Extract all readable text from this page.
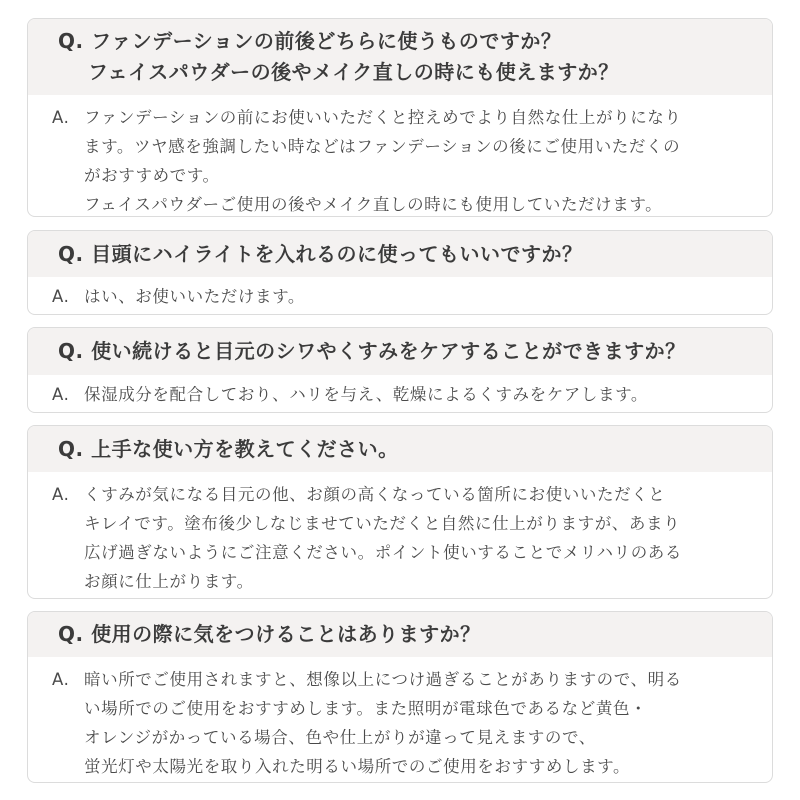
Q. ファンデーションの前後どちらに使うものですか？
フェイスパウダーの後やメイク直しの時にも使えますか？
A. ファンデーションの前にお使いいただくと控えめでより自然な仕上がりになり
ます。ツヤ感を強調したい時などはファンデーションの後にご使用いただくの
がおすすめです。
フェイスパウダーご使用の後やメイク直しの時にも使用していただけます。
Q. 目頭にハイライトを入れるのに使ってもいいですか？
A. はい、お使いいただけます。
Q. 使い続けると目元のシワやくすみをケアすることができますか？
A. 保湿成分を配合しており、ハリを与え、乾燥によるくすみをケアします。
Q. 上手な使い方を教えてください。
A. くすみが気になる目元の他、お顔の高くなっている箇所にお使いいただくと
キレイです。塗布後少しなじませていただくと自然に仕上がりますが、あまり
広げ過ぎないようにご注意ください。ポイント使いすることでメリハリのある
お顔に仕上がります。
Q. 使用の際に気をつけることはありますか？
A. 暗い所でご使用されますと、想像以上につけ過ぎることがありますので、明る
い場所でのご使用をおすすめします。また照明が電球色であるなど黄色・
オレンジがかっている場合、色や仕上がりが違って見えますので、
蛍光灯や太陽光を取り入れた明るい場所でのご使用をおすすめします。
